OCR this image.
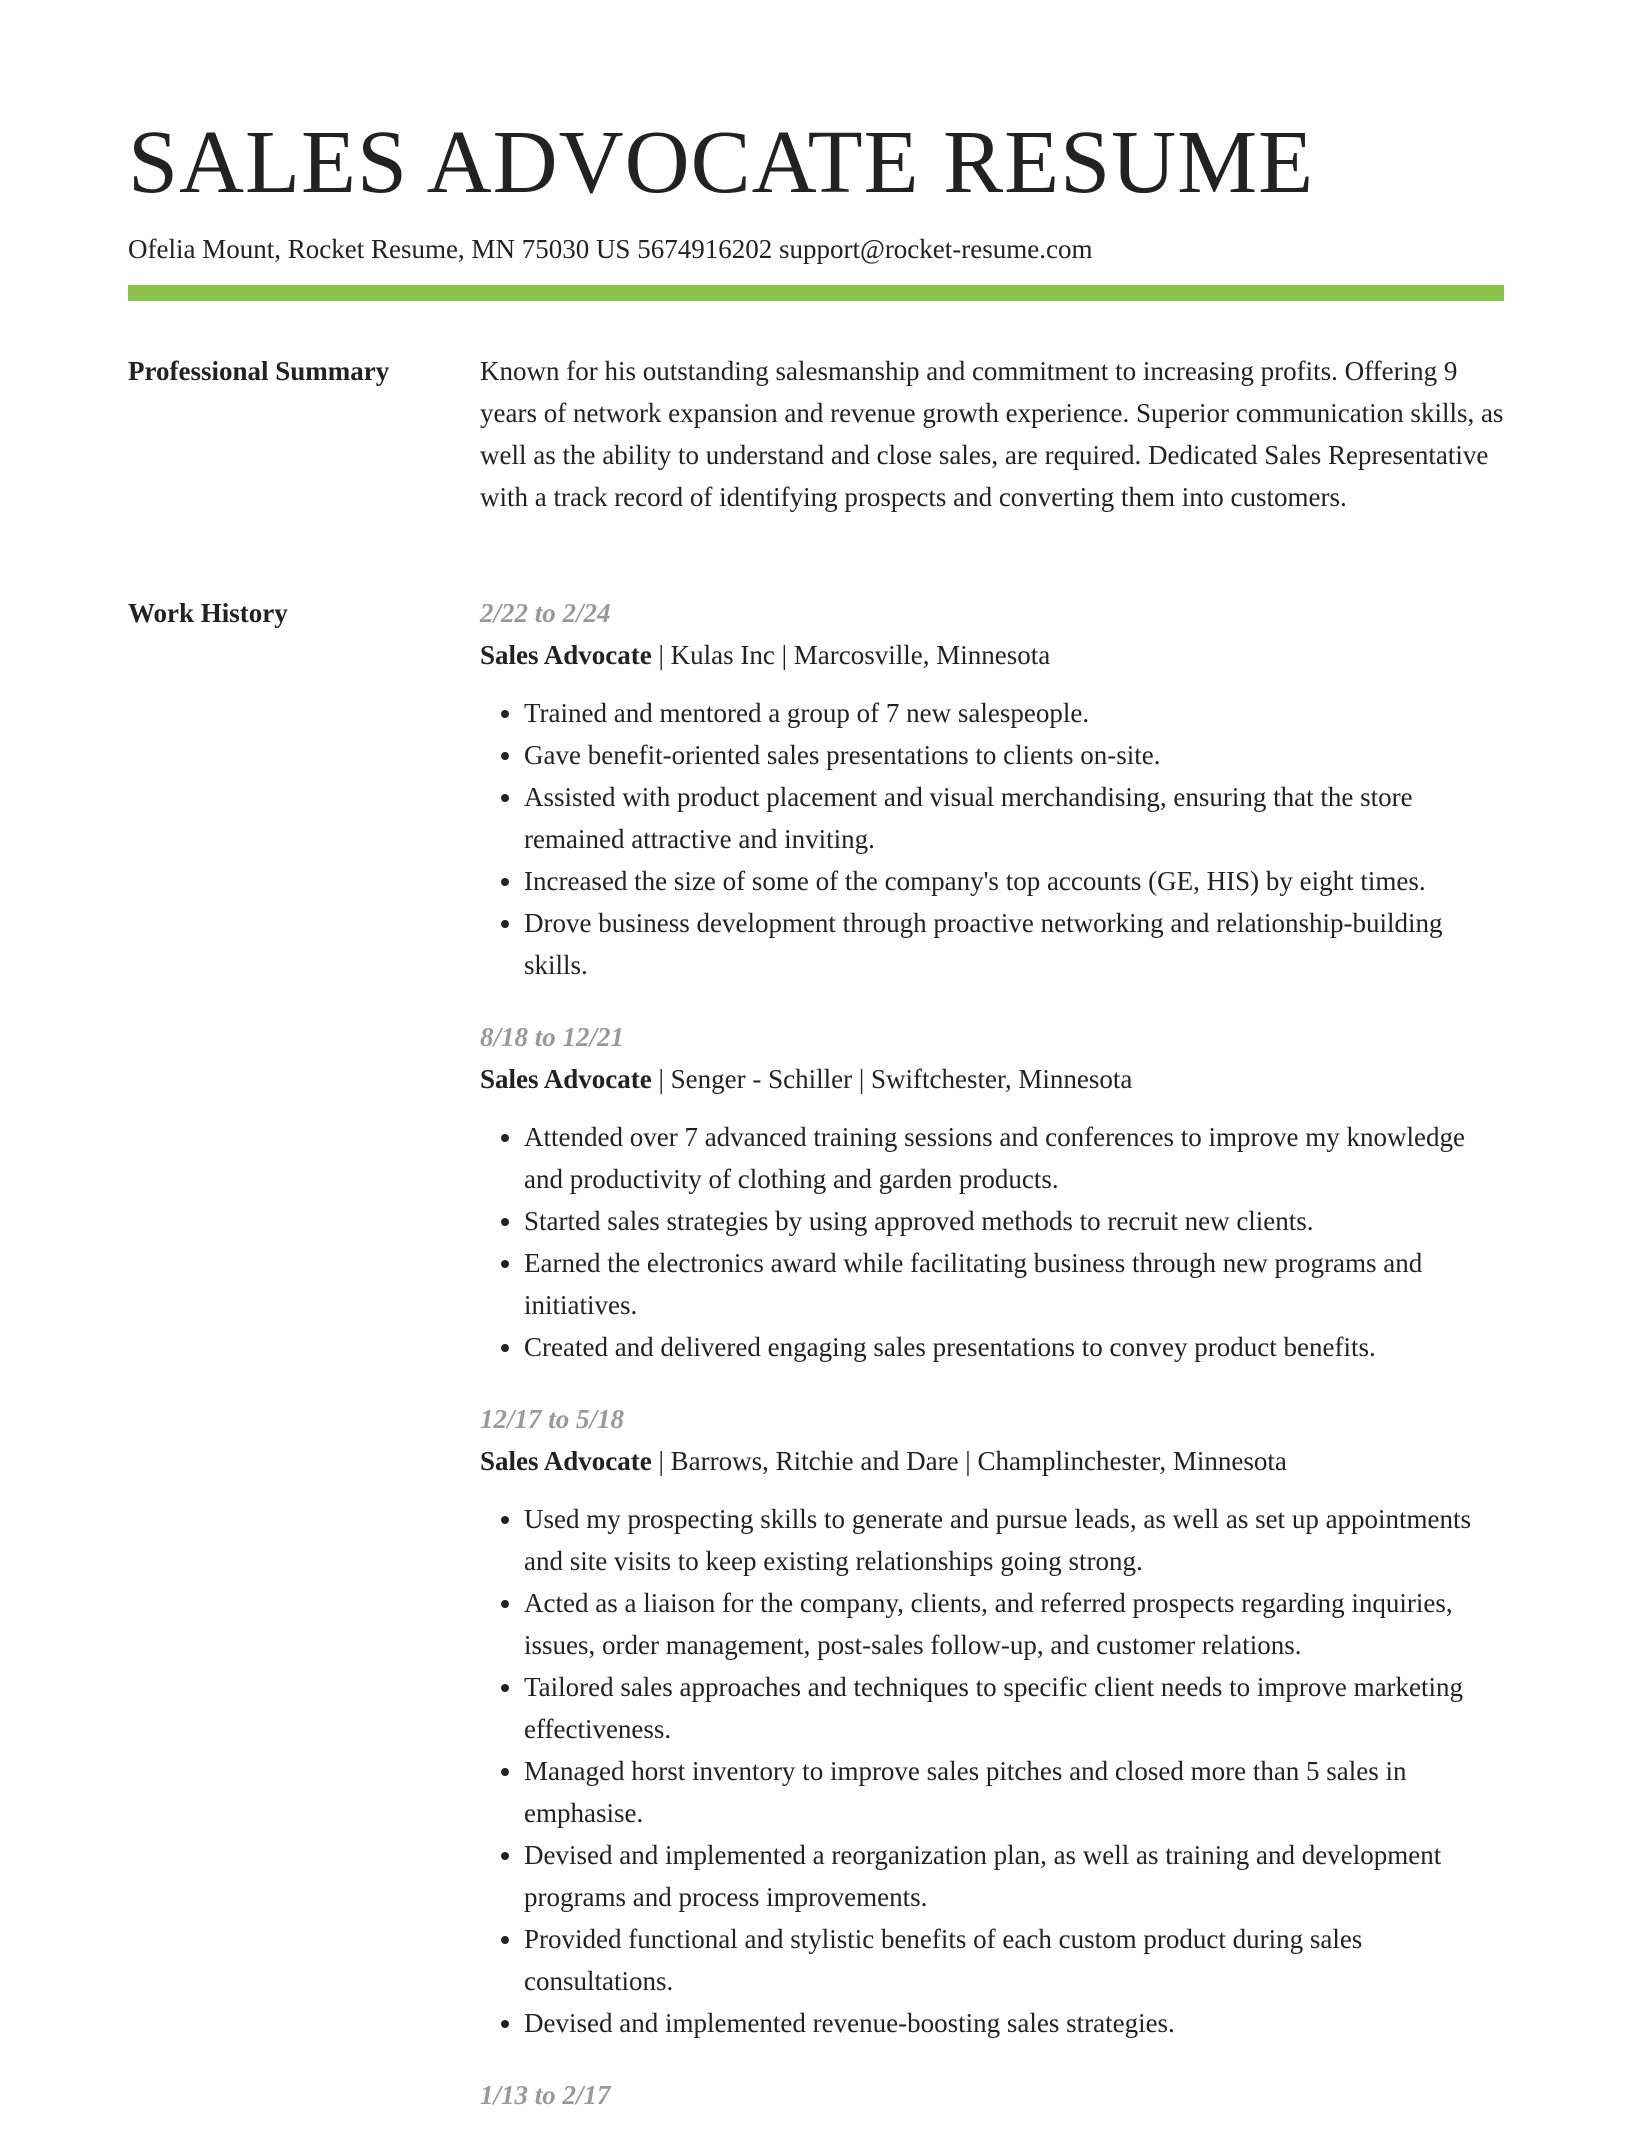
SALES ADVOCATE RESUME
Ofelia Mount, Rocket Resume, MN 75030 US 5674916202 support@rocket-resume.com
Professional Summary	Known for his outstanding salesmanship and commitment to increasing profits. Offering 9 years of network expansion and revenue growth experience. Superior communication skills, as well as the ability to understand and close sales, are required. Dedicated Sales Representative with a track record of identifying prospects and converting them into customers.

Work History	2/22 to 2/24
Sales Advocate | Kulas Inc | Marcosville, Minnesota
• Trained and mentored a group of 7 new salespeople.
• Gave benefit-oriented sales presentations to clients on-site.
• Assisted with product placement and visual merchandising, ensuring that the store remained attractive and inviting.
• Increased the size of some of the company's top accounts (GE, HIS) by eight times.
• Drove business development through proactive networking and relationship-building skills.
8/18 to 12/21
Sales Advocate | Senger - Schiller | Swiftchester, Minnesota
• Attended over 7 advanced training sessions and conferences to improve my knowledge and productivity of clothing and garden products.
• Started sales strategies by using approved methods to recruit new clients.
• Earned the electronics award while facilitating business through new programs and initiatives.
• Created and delivered engaging sales presentations to convey product benefits.
12/17 to 5/18
Sales Advocate | Barrows, Ritchie and Dare | Champlinchester, Minnesota
• Used my prospecting skills to generate and pursue leads, as well as set up appointments and site visits to keep existing relationships going strong.
• Acted as a liaison for the company, clients, and referred prospects regarding inquiries, issues, order management, post-sales follow-up, and customer relations.
• Tailored sales approaches and techniques to specific client needs to improve marketing effectiveness.
• Managed horst inventory to improve sales pitches and closed more than 5 sales in emphasise.
• Devised and implemented a reorganization plan, as well as training and development programs and process improvements.
• Provided functional and stylistic benefits of each custom product during sales consultations.
• Devised and implemented revenue-boosting sales strategies.
1/13 to 2/17
